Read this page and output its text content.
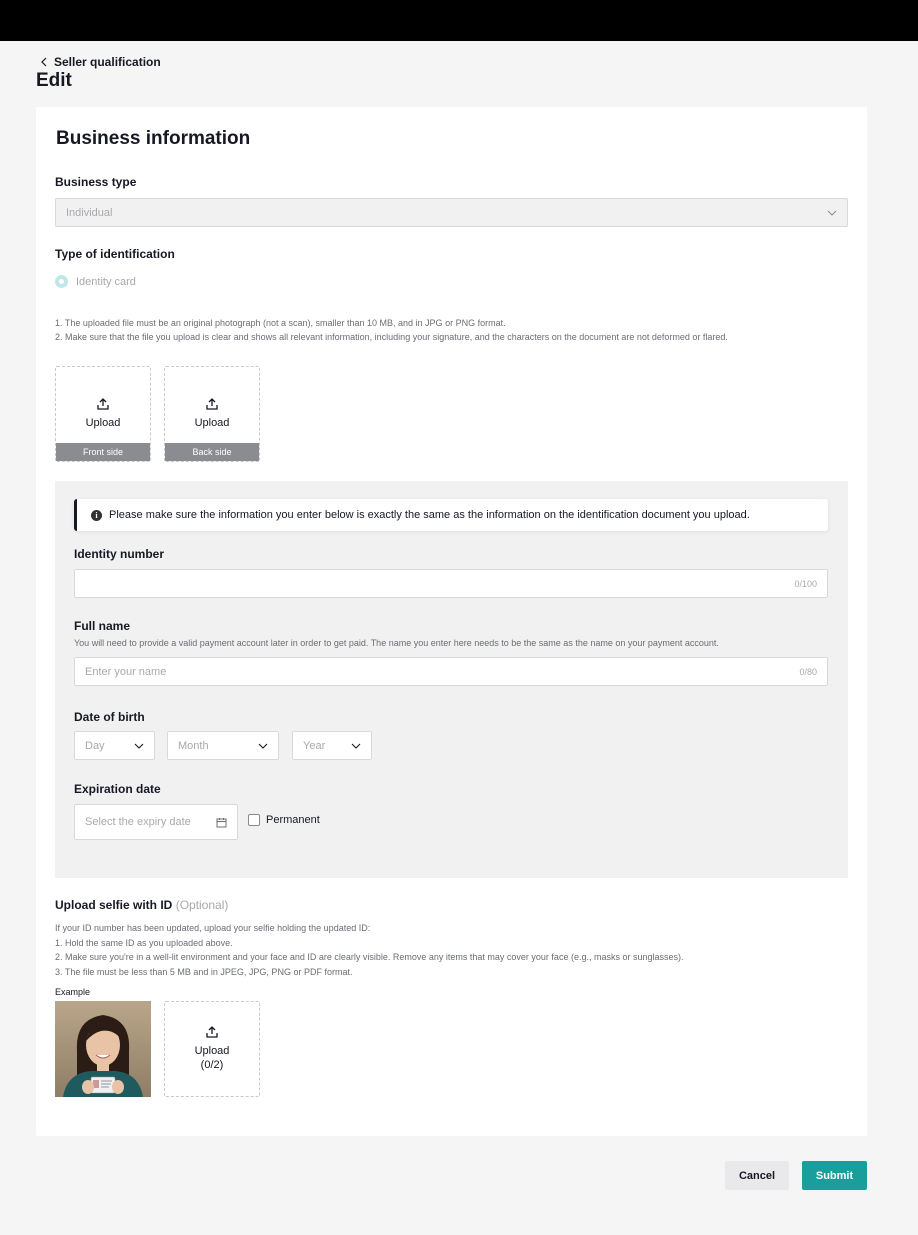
Seller qualification
Edit
Business information
Business type
Individual
Type of identification
Identity card
1. The uploaded file must be an original photograph (not a scan), smaller than 10 MB, and in JPG or PNG format.
2. Make sure that the file you upload is clear and shows all relevant information, including your signature, and the characters on the document are not deformed or flared.
Upload
Front side
Upload
Back side
i	Please make sure the information you enter below is exactly the same as the information on the identification document you upload.
Identity number
0/100
Full name
You will need to provide a valid payment account later in order to get paid. The name you enter here needs to be the same as the name on your payment account.
Enter your name	0/80
Date of birth
Day	Month	Year
Expiration date
Select the expiry date	Permanent
Upload selfie with ID (Optional)
If your ID number has been updated, upload your selfie holding the updated ID:
1. Hold the same ID as you uploaded above.
2. Make sure you're in a well-lit environment and your face and ID are clearly visible. Remove any items that may cover your face (e.g., masks or sunglasses).
3. The file must be less than 5 MB and in JPEG, JPG, PNG or PDF format.
Example
Upload
(0/2)
Cancel	Submit
